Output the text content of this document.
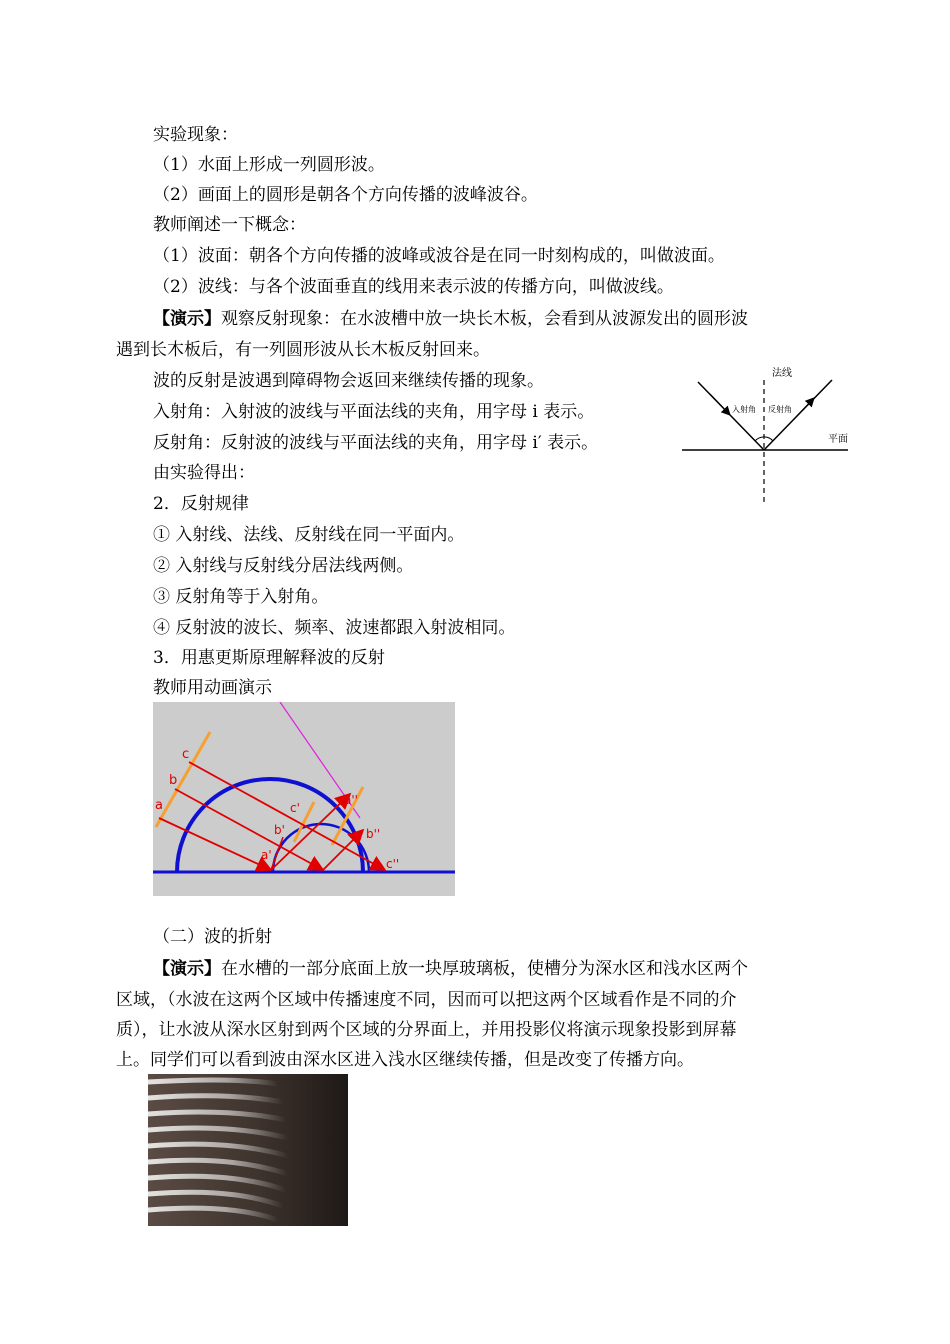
实验现象：
（1）水面上形成一列圆形波。
（2）画面上的圆形是朝各个方向传播的波峰波谷。
教师阐述一下概念：
（1）波面：朝各个方向传播的波峰或波谷是在同一时刻构成的，叫做波面。
（2）波线：与各个波面垂直的线用来表示波的传播方向，叫做波线。
【演示】观察反射现象：在水波槽中放一块长木板，会看到从波源发出的圆形波
遇到长木板后，有一列圆形波从长木板反射回来。
波的反射是波遇到障碍物会返回来继续传播的现象。
入射角：入射波的波线与平面法线的夹角，用字母 i 表示。
反射角：反射波的波线与平面法线的夹角，用字母 i′ 表示。
由实验得出：
2．反射规律
① 入射线、法线、反射线在同一平面内。
② 入射线与反射线分居法线两侧。
③ 反射角等于入射角。
④ 反射波的波长、频率、波速都跟入射波相同。
3．用惠更斯原理解释波的反射
教师用动画演示
法线
入射角 反射角
平面
a
b
c
a'
b'
c'
a''
b''
c''
（二）波的折射
【演示】在水槽的一部分底面上放一块厚玻璃板，使槽分为深水区和浅水区两个
区域，（水波在这两个区域中传播速度不同，因而可以把这两个区域看作是不同的介
质），让水波从深水区射到两个区域的分界面上，并用投影仪将演示现象投影到屏幕
上。同学们可以看到波由深水区进入浅水区继续传播，但是改变了传播方向。
